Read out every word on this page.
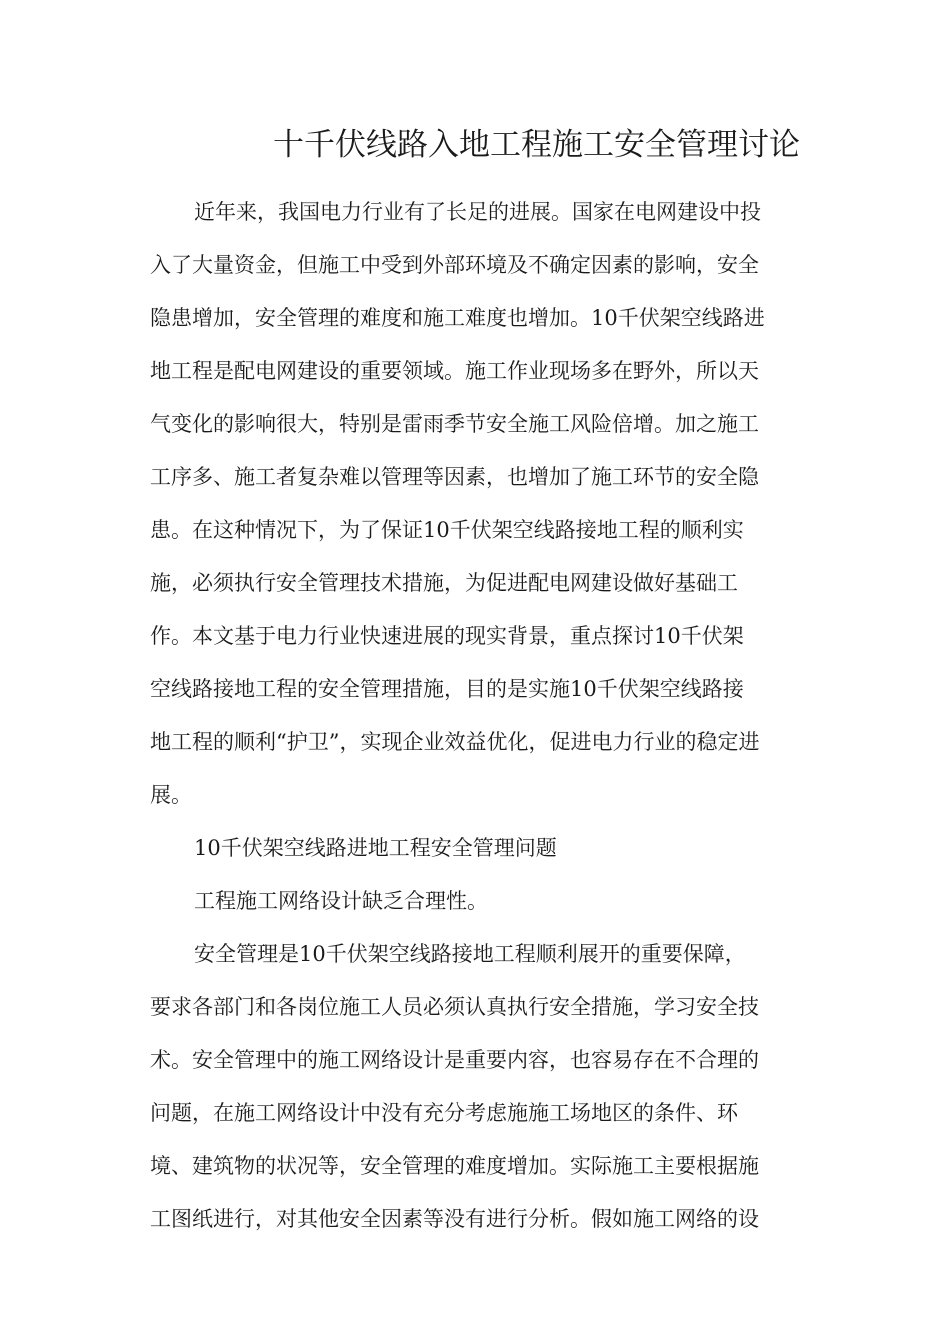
十千伏线路入地工程施工安全管理讨论
近年来，我国电力行业有了长足的进展。国家在电网建设中投
入了大量资金，但施工中受到外部环境及不确定因素的影响，安全
隐患增加，安全管理的难度和施工难度也增加。10千伏架空线路进
地工程是配电网建设的重要领域。施工作业现场多在野外，所以天
气变化的影响很大，特别是雷雨季节安全施工风险倍增。加之施工
工序多、施工者复杂难以管理等因素，也增加了施工环节的安全隐
患。在这种情况下，为了保证10千伏架空线路接地工程的顺利实
施，必须执行安全管理技术措施，为促进配电网建设做好基础工
作。本文基于电力行业快速进展的现实背景，重点探讨10千伏架
空线路接地工程的安全管理措施，目的是实施10千伏架空线路接
地工程的顺利“护卫”，实现企业效益优化，促进电力行业的稳定进
展。
10千伏架空线路进地工程安全管理问题
工程施工网络设计缺乏合理性。
安全管理是10千伏架空线路接地工程顺利展开的重要保障，
要求各部门和各岗位施工人员必须认真执行安全措施，学习安全技
术。安全管理中的施工网络设计是重要内容，也容易存在不合理的
问题，在施工网络设计中没有充分考虑施施工场地区的条件、环
境、建筑物的状况等，安全管理的难度增加。实际施工主要根据施
工图纸进行，对其他安全因素等没有进行分析。假如施工网络的设
